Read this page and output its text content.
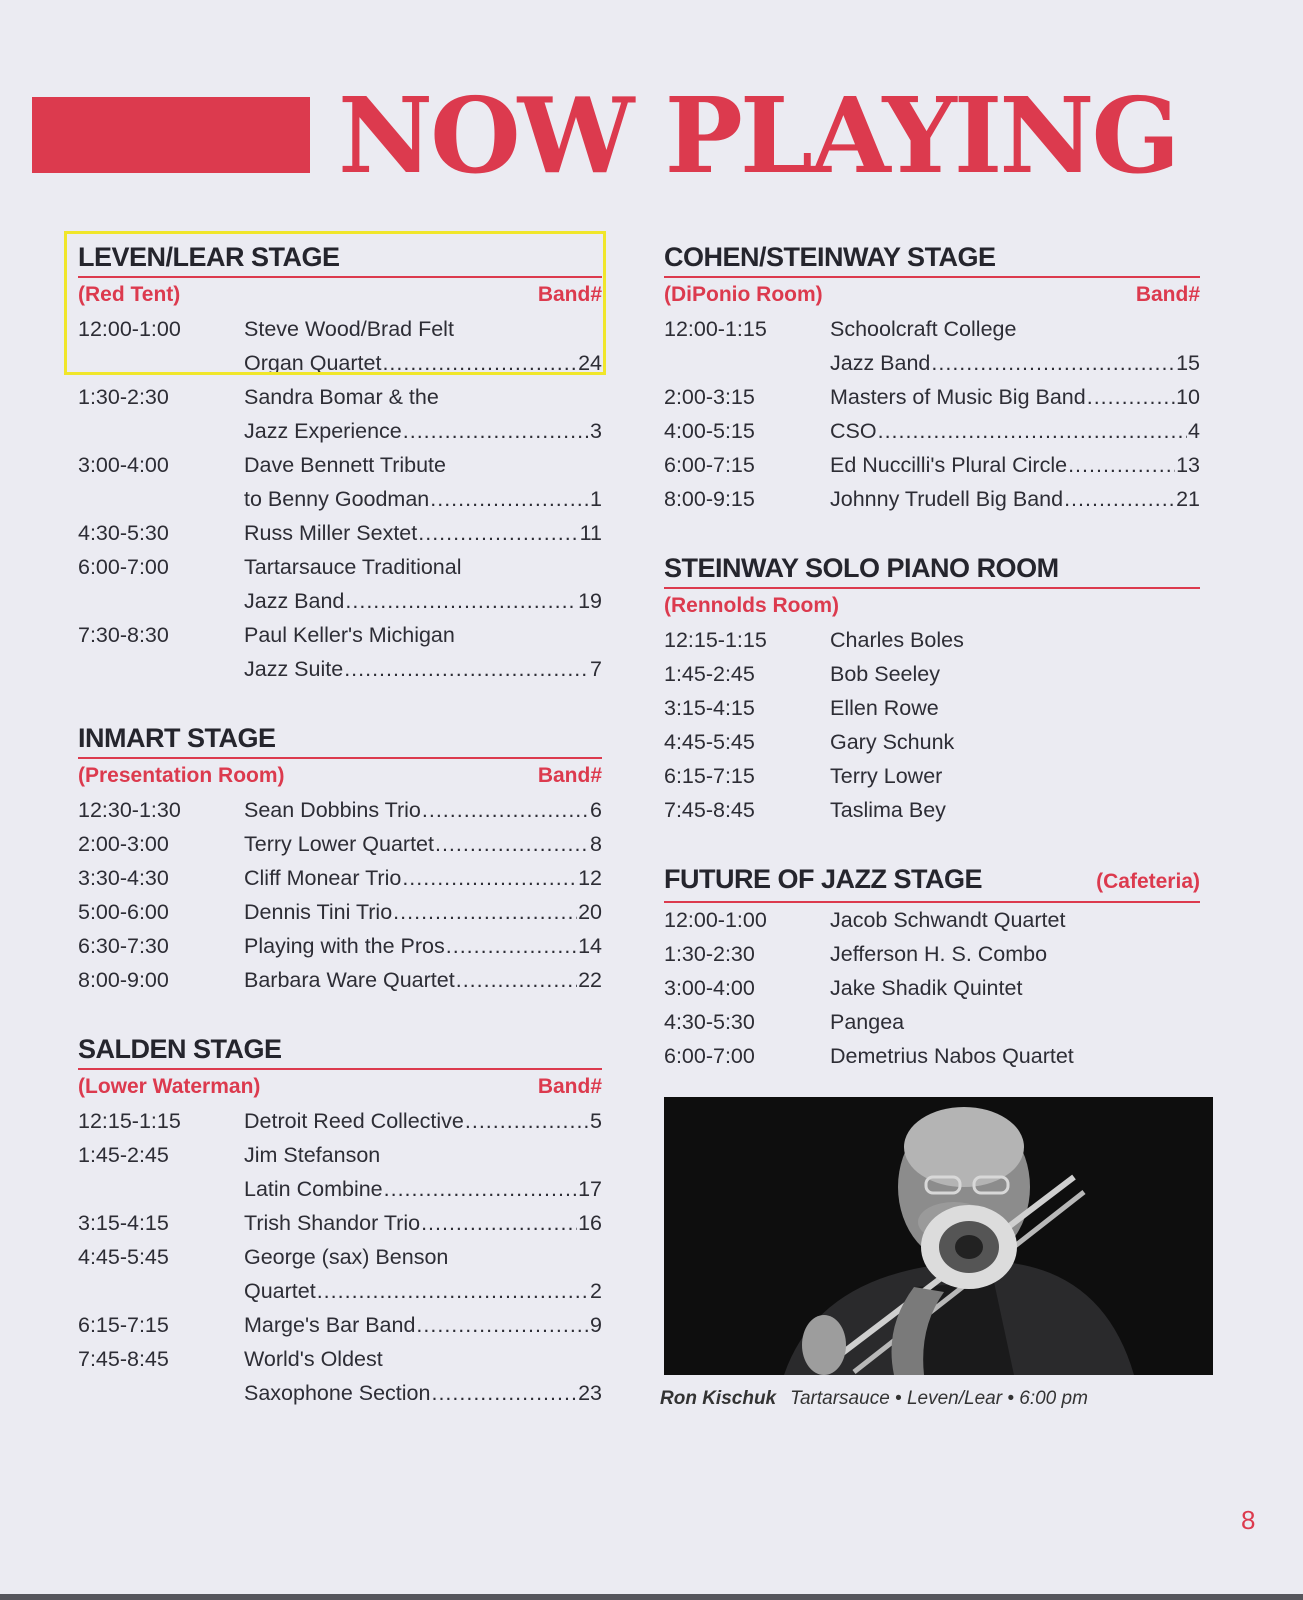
NOW PLAYING
LEVEN/LEAR STAGE
(Red Tent)	Band#
12:00-1:00	Steve Wood/Brad Felt
Organ Quartet .....	24
1:30-2:30	Sandra Bomar & the
Jazz Experience .....	3
3:00-4:00	Dave Bennett Tribute
to Benny Goodman .....	1
4:30-5:30	Russ Miller Sextet .....	11
6:00-7:00	Tartarsauce Traditional
Jazz Band .....	19
7:30-8:30	Paul Keller's Michigan
Jazz Suite .....	7
INMART STAGE
(Presentation Room)	Band#
12:30-1:30	Sean Dobbins Trio .....	6
2:00-3:00	Terry Lower Quartet .....	8
3:30-4:30	Cliff Monear Trio .....	12
5:00-6:00	Dennis Tini Trio .....	20
6:30-7:30	Playing with the Pros .....	14
8:00-9:00	Barbara Ware Quartet .....	22
SALDEN STAGE
(Lower Waterman)	Band#
12:15-1:15	Detroit Reed Collective .....	5
1:45-2:45	Jim Stefanson
Latin Combine .....	17
3:15-4:15	Trish Shandor Trio .....	16
4:45-5:45	George (sax) Benson
Quartet .....	2
6:15-7:15	Marge's Bar Band .....	9
7:45-8:45	World's Oldest
Saxophone Section .....	23
COHEN/STEINWAY STAGE
(DiPonio Room)	Band#
12:00-1:15	Schoolcraft College
Jazz Band .....	15
2:00-3:15	Masters of Music Big Band .....	10
4:00-5:15	CSO .....	4
6:00-7:15	Ed Nuccilli's Plural Circle .....	13
8:00-9:15	Johnny Trudell Big Band .....	21
STEINWAY SOLO PIANO ROOM
(Rennolds Room)
12:15-1:15	Charles Boles
1:45-2:45	Bob Seeley
3:15-4:15	Ellen Rowe
4:45-5:45	Gary Schunk
6:15-7:15	Terry Lower
7:45-8:45	Taslima Bey
FUTURE OF JAZZ STAGE	(Cafeteria)
12:00-1:00	Jacob Schwandt Quartet
1:30-2:30	Jefferson H. S. Combo
3:00-4:00	Jake Shadik Quintet
4:30-5:30	Pangea
6:00-7:00	Demetrius Nabos Quartet
Ron Kischuk Tartarsauce • Leven/Lear • 6:00 pm
8
